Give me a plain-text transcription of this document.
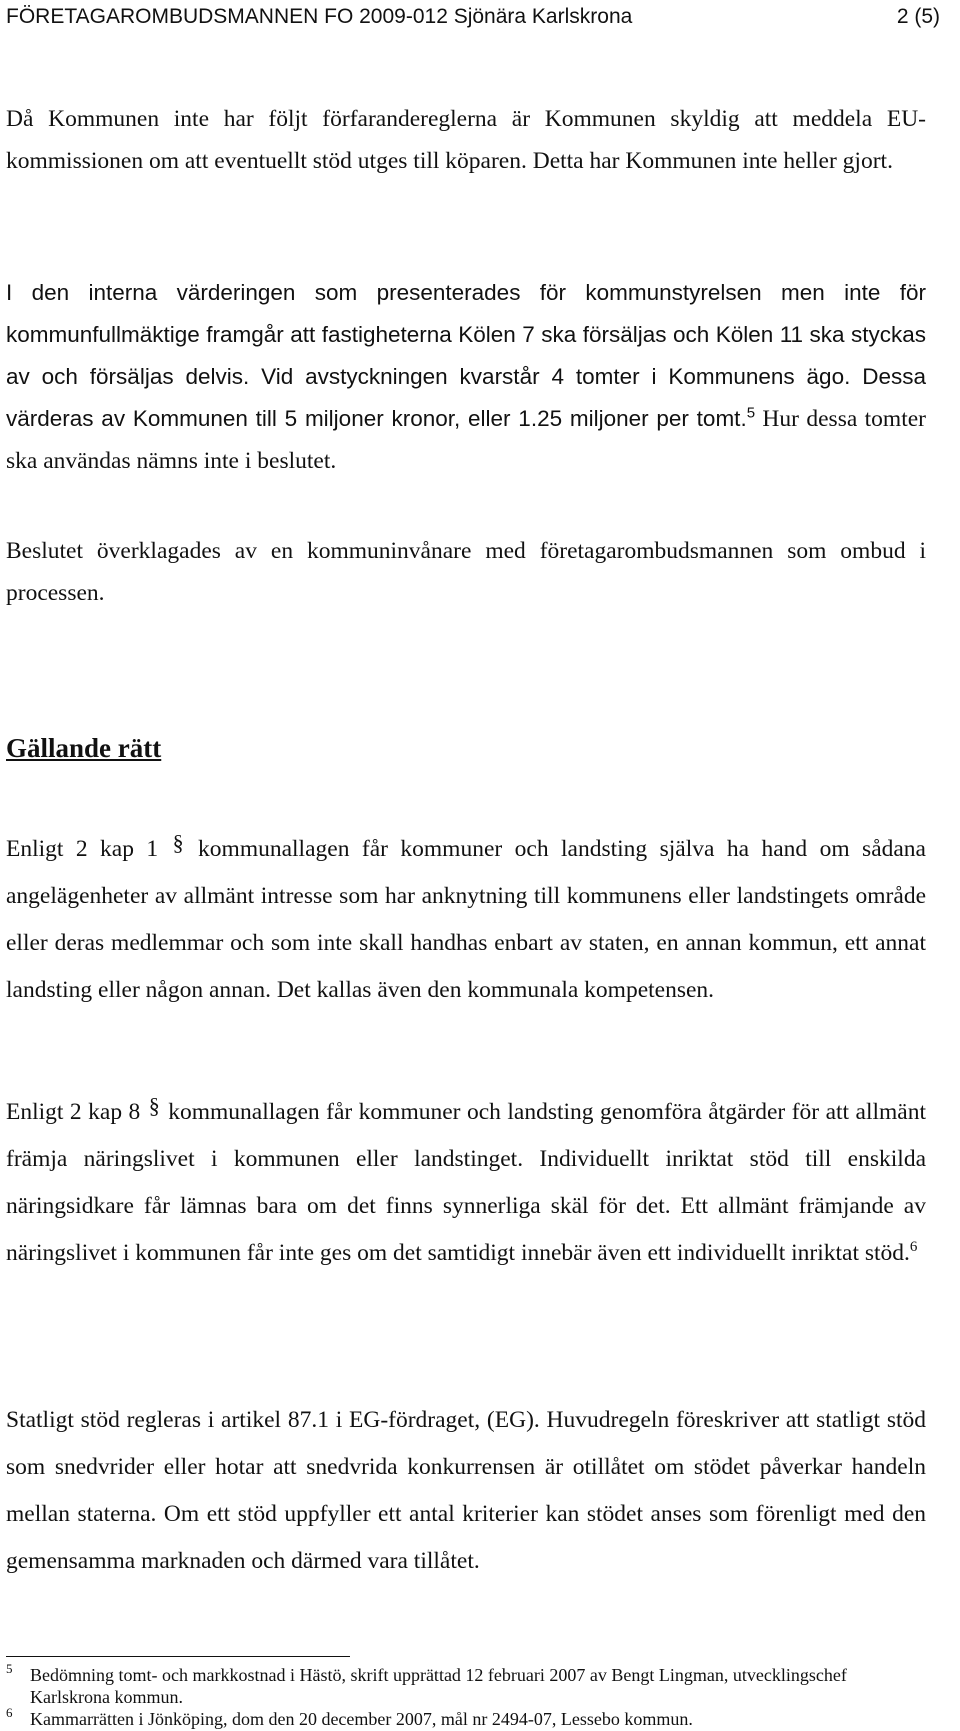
FÖRETAGAROMBUDSMANNEN FO 2009-012 Sjönära Karlskrona	2 (5)

Då Kommunen inte har följt förfarandereglerna är Kommunen skyldig att meddela EU-kommissionen om att eventuellt stöd utges till köparen. Detta har Kommunen inte heller gjort.

I den interna värderingen som presenterades för kommunstyrelsen men inte för kommunfullmäktige framgår att fastigheterna Kölen 7 ska försäljas och Kölen 11 ska styckas av och försäljas delvis. Vid avstyckningen kvarstår 4 tomter i Kommunens ägo. Dessa värderas av Kommunen till 5 miljoner kronor, eller 1.25 miljoner per tomt.$^5$ Hur dessa tomter ska användas nämns inte i beslutet.

Beslutet överklagades av en kommuninvånare med företagarombudsmannen som ombud i processen.

Gällande rätt

Enligt 2 kap 1 § kommunallagen får kommuner och landsting själva ha hand om sådana angelägenheter av allmänt intresse som har anknytning till kommunens eller landstingets område eller deras medlemmar och som inte skall handhas enbart av staten, en annan kommun, ett annat landsting eller någon annan. Det kallas även den kommunala kompetensen.

Enligt 2 kap 8 § kommunallagen får kommuner och landsting genomföra åtgärder för att allmänt främja näringslivet i kommunen eller landstinget. Individuellt inriktat stöd till enskilda näringsidkare får lämnas bara om det finns synnerliga skäl för det. Ett allmänt främjande av näringslivet i kommunen får inte ges om det samtidigt innebär även ett individuellt inriktat stöd.$^6$

Statligt stöd regleras i artikel 87.1 i EG-fördraget, (EG). Huvudregeln föreskriver att statligt stöd som snedvrider eller hotar att snedvrida konkurrensen är otillåtet om stödet påverkar handeln mellan staterna. Om ett stöd uppfyller ett antal kriterier kan stödet anses som förenligt med den gemensamma marknaden och därmed vara tillåtet.

5 Bedömning tomt- och markkostnad i Hästö, skrift upprättad 12 februari 2007 av Bengt Lingman, utvecklingschef Karlskrona kommun.
6 Kammarrätten i Jönköping, dom den 20 december 2007, mål nr 2494-07, Lessebo kommun.
